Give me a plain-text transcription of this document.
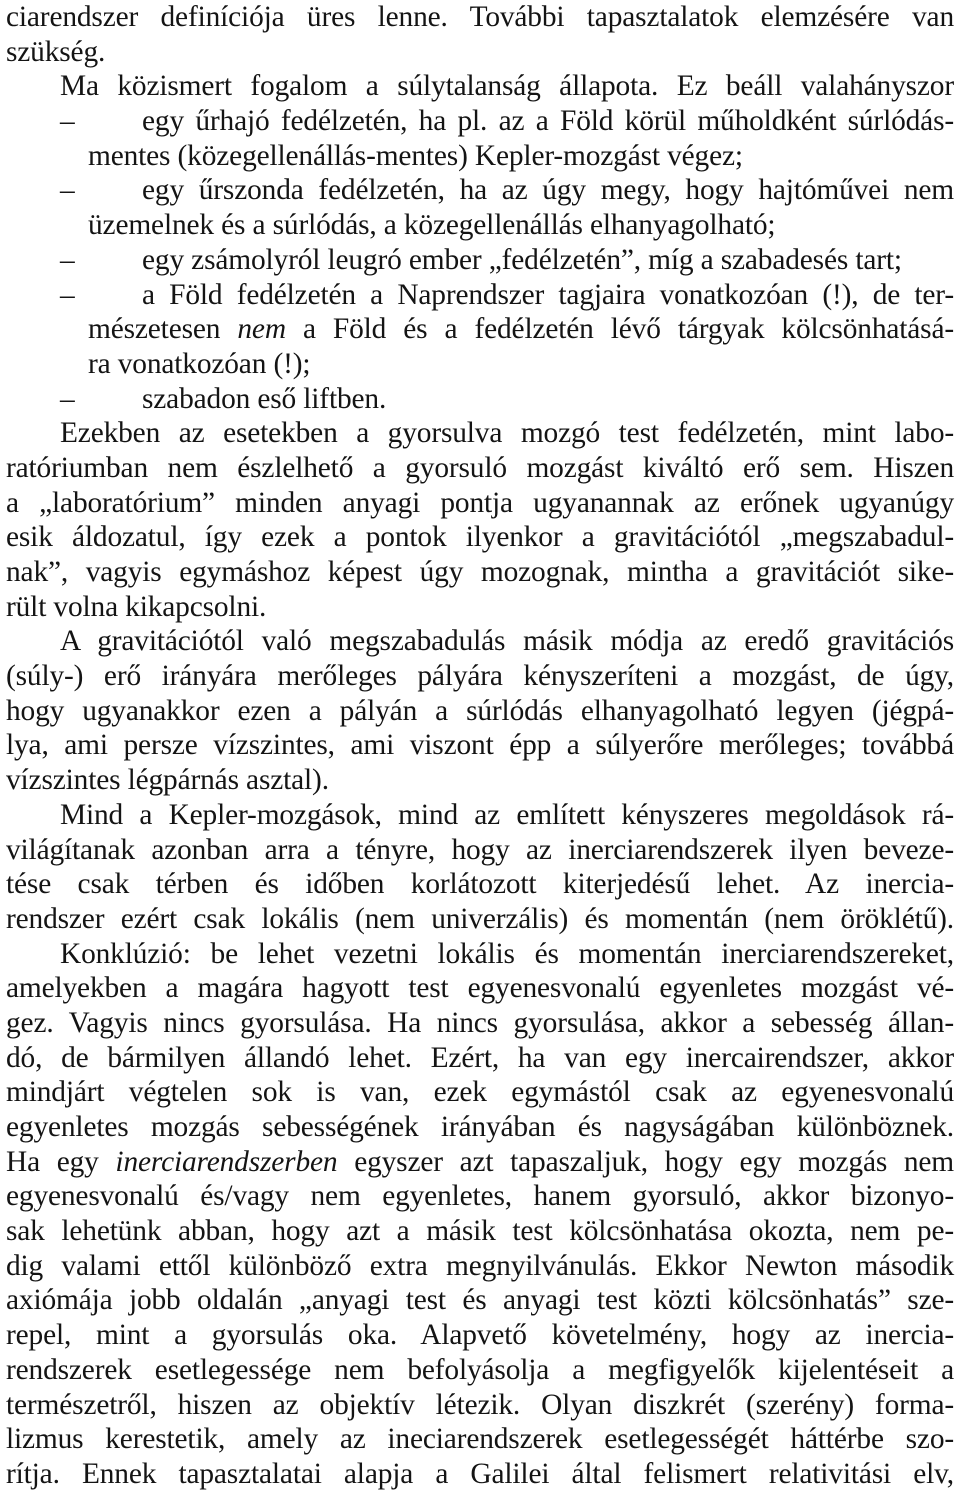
ciarendszer definíciója üres lenne. További tapasztalatok elemzésére van
szükség.
Ma közismert fogalom a súlytalanság állapota. Ez beáll valahányszor
–	egy űrhajó fedélzetén, ha pl. az a Föld körül műholdként súrlódás-
mentes (közegellenállás-mentes) Kepler-mozgást végez;
–	egy űrszonda fedélzetén, ha az úgy megy, hogy hajtóművei nem
üzemelnek és a súrlódás, a közegellenállás elhanyagolható;
–	egy zsámolyról leugró ember „fedélzetén”, míg a szabadesés tart;
–	a Föld fedélzetén a Naprendszer tagjaira vonatkozóan (!), de ter-
mészetesen nem a Föld és a fedélzetén lévő tárgyak kölcsönhatásá-
ra vonatkozóan (!);
–	szabadon eső liftben.
Ezekben az esetekben a gyorsulva mozgó test fedélzetén, mint labo-
ratóriumban nem észlelhető a gyorsuló mozgást kiváltó erő sem. Hiszen
a „laboratórium” minden anyagi pontja ugyanannak az erőnek ugyanúgy
esik áldozatul, így ezek a pontok ilyenkor a gravitációtól „megszabadul-
nak”, vagyis egymáshoz képest úgy mozognak, mintha a gravitációt sike-
rült volna kikapcsolni.
A gravitációtól való megszabadulás másik módja az eredő gravitációs
(súly-) erő irányára merőleges pályára kényszeríteni a mozgást, de úgy,
hogy ugyanakkor ezen a pályán a súrlódás elhanyagolható legyen (jégpá-
lya, ami persze vízszintes, ami viszont épp a súlyerőre merőleges; továbbá
vízszintes légpárnás asztal).
Mind a Kepler-mozgások, mind az említett kényszeres megoldások rá-
világítanak azonban arra a tényre, hogy az inerciarendszerek ilyen beveze-
tése csak térben és időben korlátozott kiterjedésű lehet. Az inercia-
rendszer ezért csak lokális (nem univerzális) és momentán (nem öröklétű).
Konklúzió: be lehet vezetni lokális és momentán inerciarendszereket,
amelyekben a magára hagyott test egyenesvonalú egyenletes mozgást vé-
gez. Vagyis nincs gyorsulása. Ha nincs gyorsulása, akkor a sebesség állan-
dó, de bármilyen állandó lehet. Ezért, ha van egy inercairendszer, akkor
mindjárt végtelen sok is van, ezek egymástól csak az egyenesvonalú
egyenletes mozgás sebességének irányában és nagyságában különböznek.
Ha egy inerciarendszerben egyszer azt tapaszaljuk, hogy egy mozgás nem
egyenesvonalú és/vagy nem egyenletes, hanem gyorsuló, akkor bizonyo-
sak lehetünk abban, hogy azt a másik test kölcsönhatása okozta, nem pe-
dig valami ettől különböző extra megnyilvánulás. Ekkor Newton második
axiómája jobb oldalán „anyagi test és anyagi test közti kölcsönhatás” sze-
repel, mint a gyorsulás oka. Alapvető követelmény, hogy az inercia-
rendszerek esetlegessége nem befolyásolja a megfigyelők kijelentéseit a
természetről, hiszen az objektív létezik. Olyan diszkrét (szerény) forma-
lizmus kerestetik, amely az ineciarendszerek esetlegességét háttérbe szo-
rítja. Ennek tapasztalatai alapja a Galilei által felismert relativitási elv,
